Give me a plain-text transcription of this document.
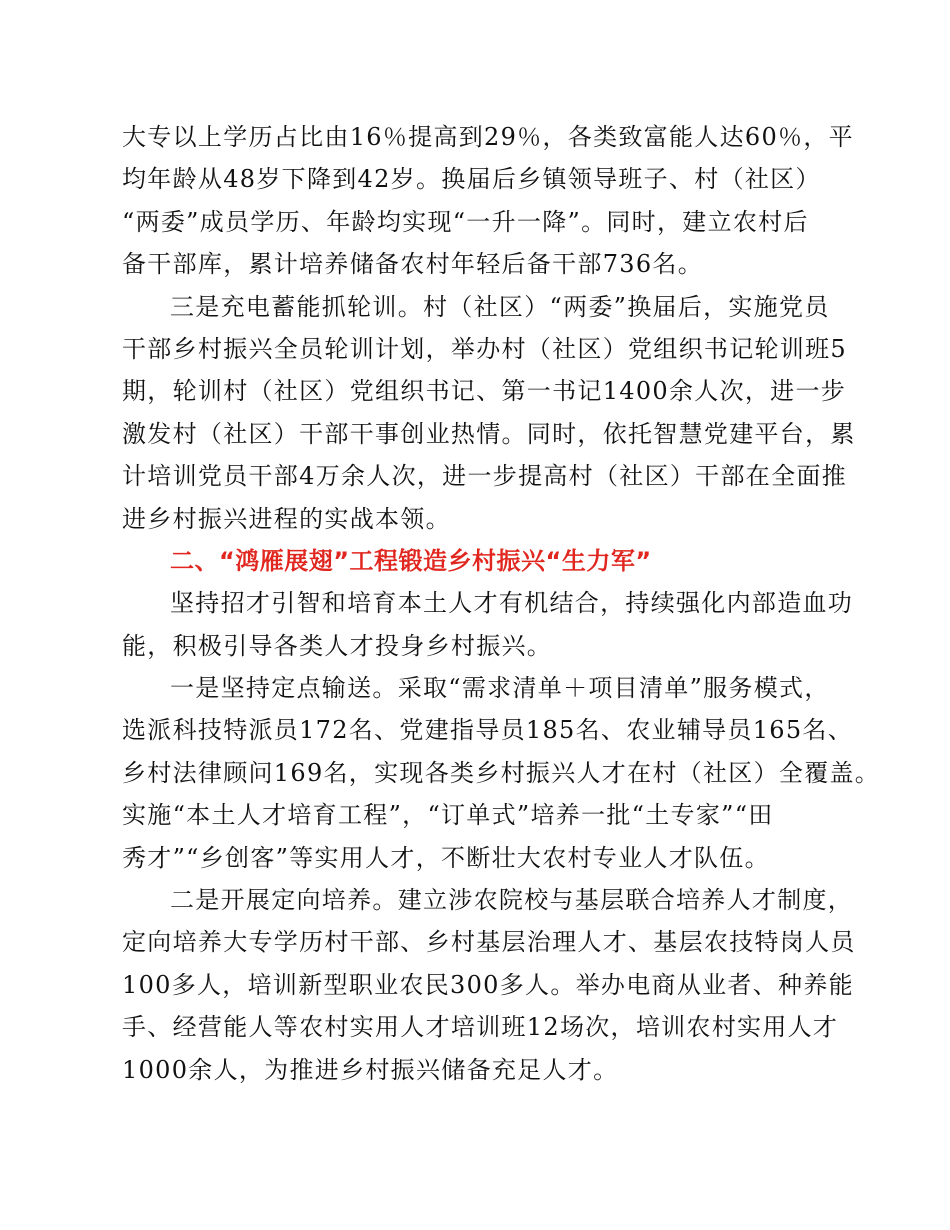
大专以上学历占比由16％提高到29％，各类致富能人达60％，平
均年龄从48岁下降到42岁。换届后乡镇领导班子、村（社区）
“两委”成员学历、年龄均实现“一升一降”。同时，建立农村后
备干部库，累计培养储备农村年轻后备干部736名。
三是充电蓄能抓轮训。村（社区）“两委”换届后，实施党员
干部乡村振兴全员轮训计划，举办村（社区）党组织书记轮训班5
期，轮训村（社区）党组织书记、第一书记1400余人次，进一步
激发村（社区）干部干事创业热情。同时，依托智慧党建平台，累
计培训党员干部4万余人次，进一步提高村（社区）干部在全面推
进乡村振兴进程的实战本领。
二、“鸿雁展翅”工程锻造乡村振兴“生力军”
坚持招才引智和培育本土人才有机结合，持续强化内部造血功
能，积极引导各类人才投身乡村振兴。
一是坚持定点输送。采取“需求清单＋项目清单”服务模式，
选派科技特派员172名、党建指导员185名、农业辅导员165名、
乡村法律顾问169名，实现各类乡村振兴人才在村（社区）全覆盖。
实施“本土人才培育工程”，“订单式”培养一批“土专家”“田
秀才”“乡创客”等实用人才，不断壮大农村专业人才队伍。
二是开展定向培养。建立涉农院校与基层联合培养人才制度，
定向培养大专学历村干部、乡村基层治理人才、基层农技特岗人员
100多人，培训新型职业农民300多人。举办电商从业者、种养能
手、经营能人等农村实用人才培训班12场次，培训农村实用人才
1000余人，为推进乡村振兴储备充足人才。
